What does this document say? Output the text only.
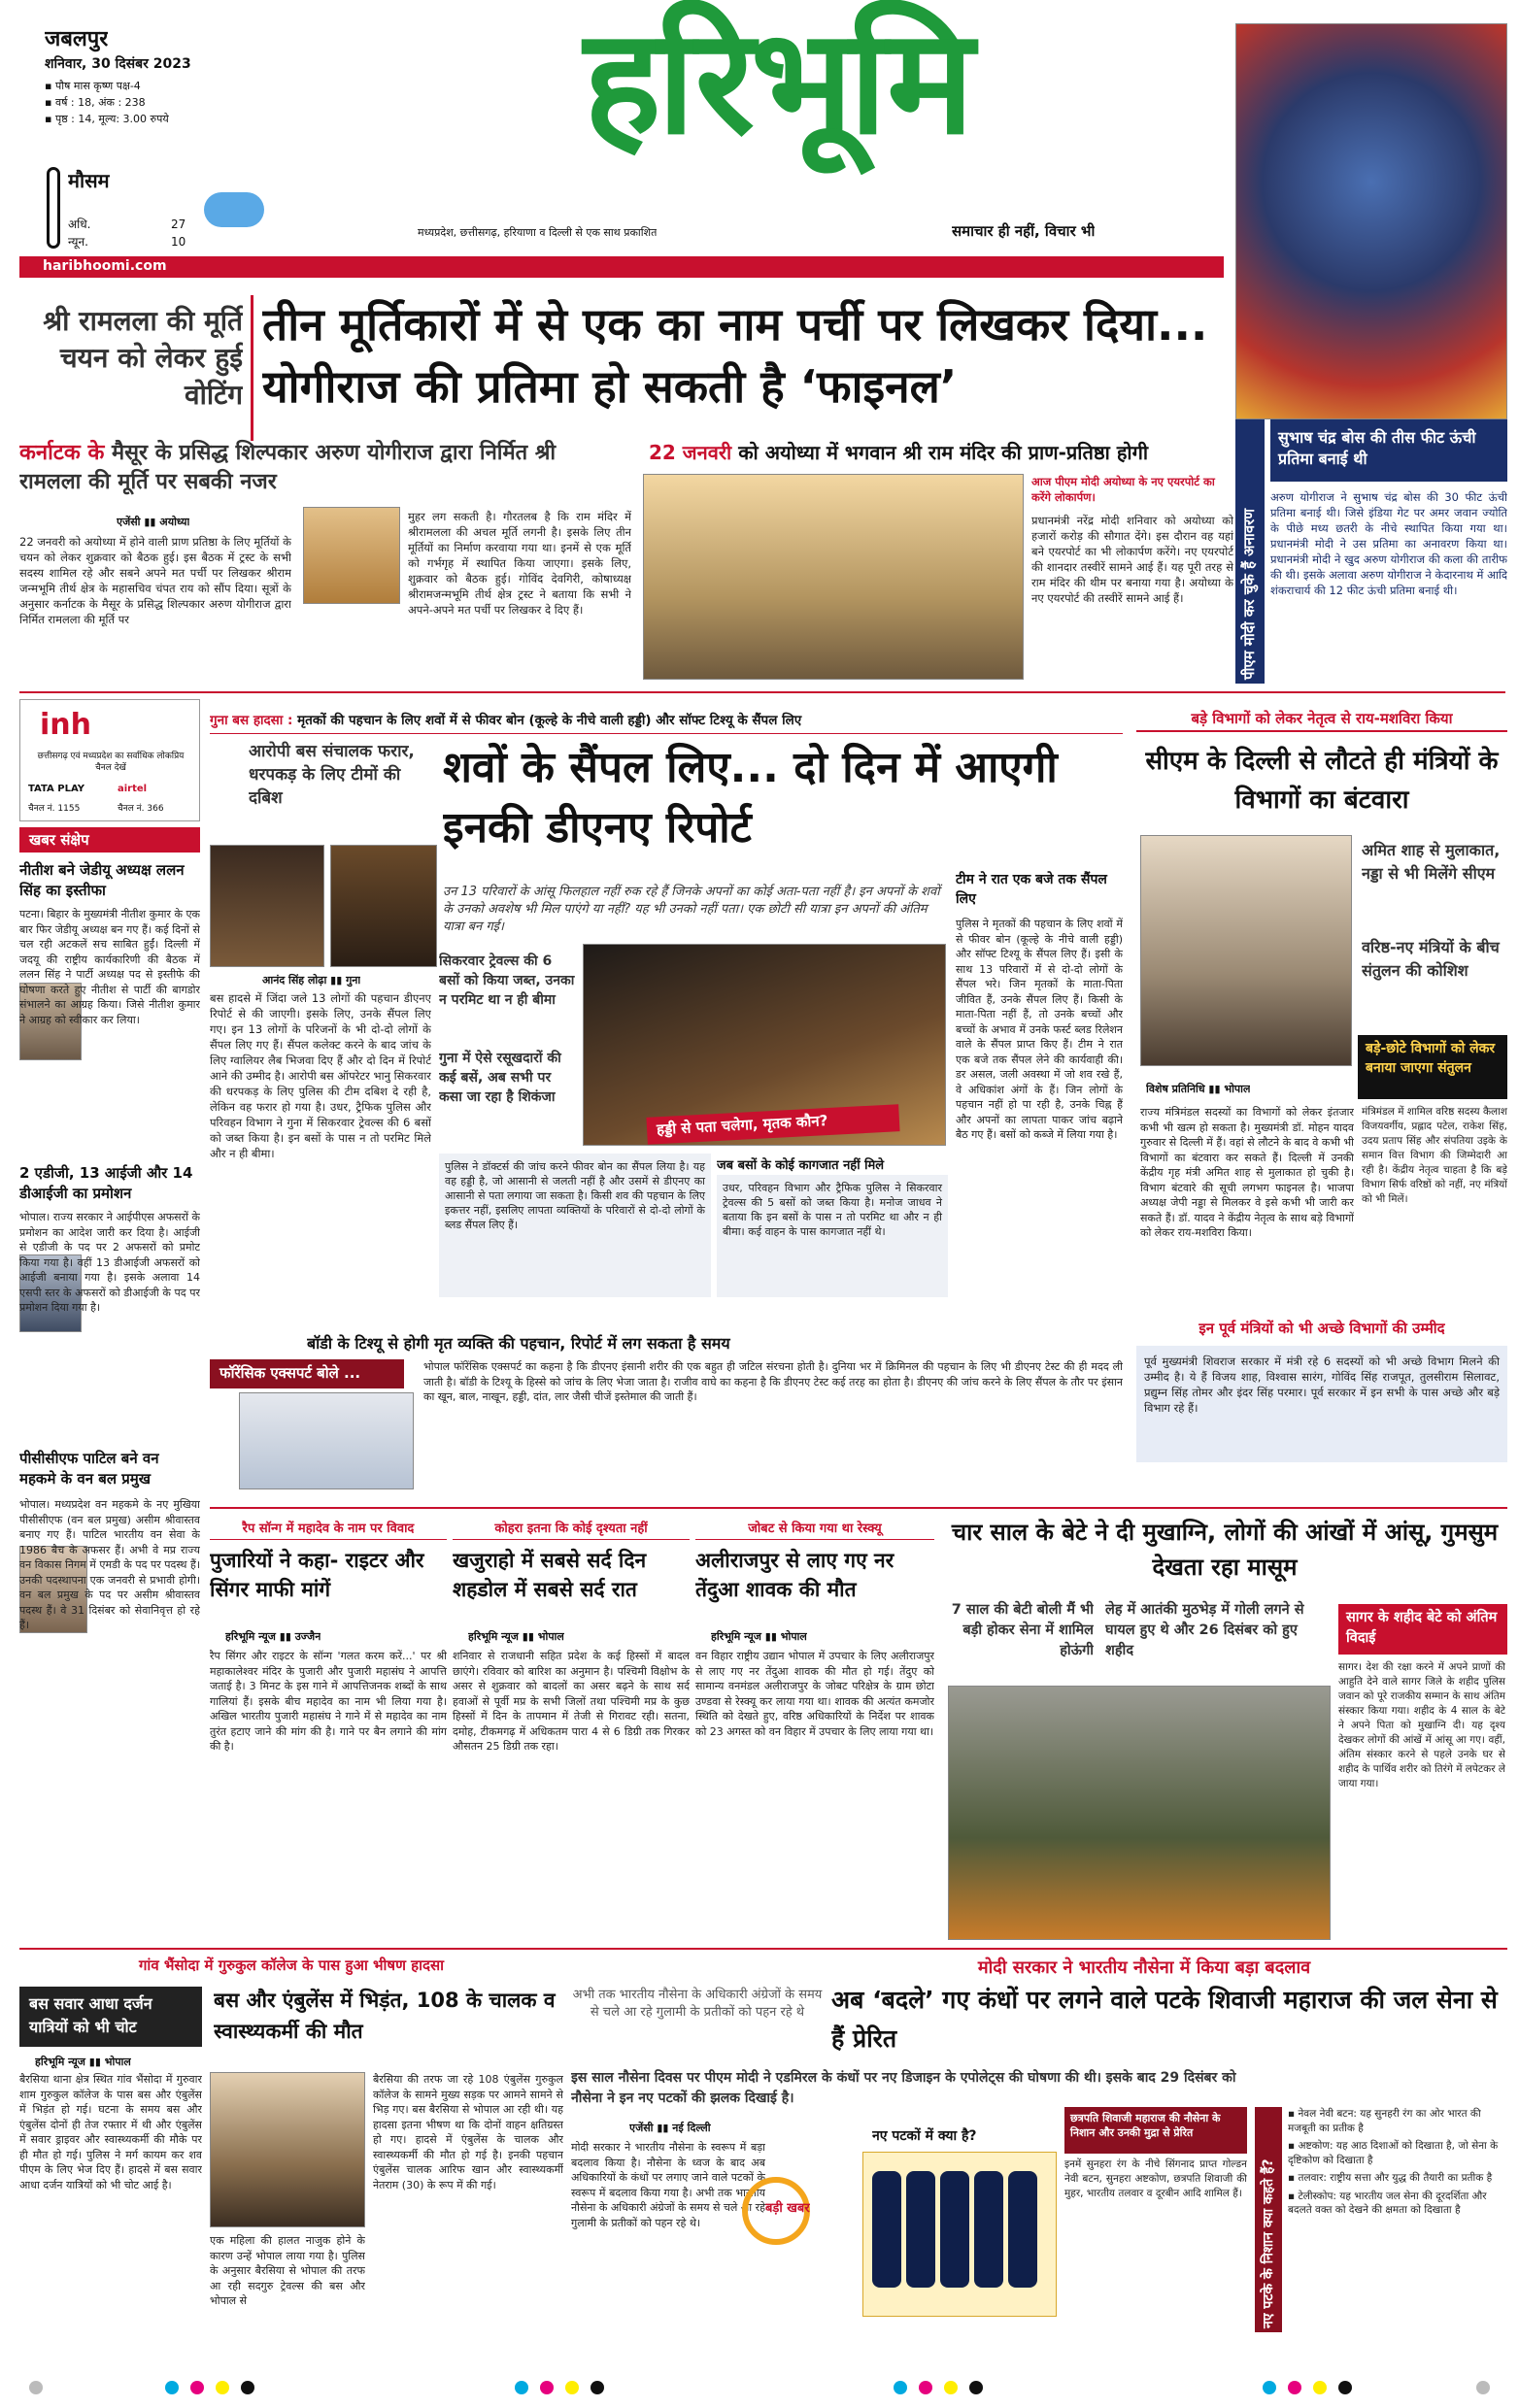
जबलपुर
शनिवार, 30 दिसंबर 2023
▪ पौष मास कृष्ण पक्ष-4
▪ वर्ष : 18, अंक : 238
▪ पृष्ठ : 14, मूल्य: 3.00 रुपये
मौसम
अधि.	27
न्यून.	10
haribhoomi.com
हरिभूमि
मध्यप्रदेश, छत्तीसगढ़, हरियाणा व दिल्ली से एक साथ प्रकाशित	समाचार ही नहीं, विचार भी
श्री रामलला की मूर्ति चयन को लेकर हुई वोटिंग
तीन मूर्तिकारों में से एक का नाम पर्ची पर लिखकर दिया... योगीराज की प्रतिमा हो सकती है ‘फाइनल’
कर्नाटक के मैसूर के प्रसिद्ध शिल्पकार अरुण योगीराज द्वारा निर्मित श्री रामलला की मूर्ति पर सबकी नजर
22 जनवरी को अयोध्या में भगवान श्री राम मंदिर की प्राण-प्रतिष्ठा होगी
एजेंसी ▮▮ अयोध्या
22 जनवरी को अयोध्या में होने वाली प्राण प्रतिष्ठा के लिए मूर्तियों के चयन को लेकर शुक्रवार को बैठक हुई। इस बैठक में ट्रस्ट के सभी सदस्य शामिल रहे और सबने अपने मत पर्ची पर लिखकर श्रीराम जन्मभूमि तीर्थ क्षेत्र के महासचिव चंपत राय को सौंप दिया। सूत्रों के अनुसार कर्नाटक के मैसूर के प्रसिद्ध शिल्पकार अरुण योगीराज द्वारा निर्मित रामलला की मूर्ति पर
मुहर लग सकती है। गौरतलब है कि राम मंदिर में श्रीरामलला की अचल मूर्ति लगनी है। इसके लिए तीन मूर्तियों का निर्माण करवाया गया था। इनमें से एक मूर्ति को गर्भगृह में स्थापित किया जाएगा। इसके लिए, शुक्रवार को बैठक हुई। गोविंद देवगिरी, कोषाध्यक्ष श्रीरामजन्मभूमि तीर्थ क्षेत्र ट्रस्ट ने बताया कि सभी ने अपने-अपने मत पर्ची पर लिखकर दे दिए हैं।
आज पीएम मोदी अयोध्या के नए एयरपोर्ट का करेंगे लोकार्पण।
प्रधानमंत्री नरेंद्र मोदी शनिवार को अयोध्या को हजारों करोड़ की सौगात देंगे। इस दौरान वह यहां बने एयरपोर्ट का भी लोकार्पण करेंगे। नए एयरपोर्ट की शानदार तस्वीरें सामने आई हैं। यह पूरी तरह से राम मंदिर की थीम पर बनाया गया है। अयोध्या के नए एयरपोर्ट की तस्वीरें सामने आई हैं।	पीएम मोदी कर चुके हैं अनावरण
सुभाष चंद्र बोस की तीस फीट ऊंची प्रतिमा बनाई थी
अरुण योगीराज ने सुभाष चंद्र बोस की 30 फीट ऊंची प्रतिमा बनाई थी। जिसे इंडिया गेट पर अमर जवान ज्योति के पीछे मध्य छतरी के नीचे स्थापित किया गया था। प्रधानमंत्री मोदी ने उस प्रतिमा का अनावरण किया था। प्रधानमंत्री मोदी ने खुद अरुण योगीराज की कला की तारीफ की थी। इसके अलावा अरुण योगीराज ने केदारनाथ में आदि शंकराचार्य की 12 फीट ऊंची प्रतिमा बनाई थी।
inh
छत्तीसगढ़ एवं मध्यप्रदेश का सर्वाधिक लोकप्रिय चैनल देखें
TATA PLAY	airtel
चैनल नं. 1155	चैनल नं. 366
खबर संक्षेप
नीतीश बने जेडीयू अध्यक्ष ललन सिंह का इस्तीफा
पटना। बिहार के मुख्यमंत्री नीतीश कुमार के एक बार फिर जेडीयू अध्यक्ष बन गए हैं। कई दिनों से चल रही अटकलें सच साबित हुईं। दिल्ली में जदयू की राष्ट्रीय कार्यकारिणी की बैठक में ललन सिंह ने पार्टी अध्यक्ष पद से इस्तीफे की घोषणा करते हुए नीतीश से पार्टी की बागडोर संभालने का आग्रह किया। जिसे नीतीश कुमार ने आग्रह को स्वीकार कर लिया।
2 एडीजी, 13 आईजी और 14 डीआईजी का प्रमोशन
भोपाल। राज्य सरकार ने आईपीएस अफसरों के प्रमोशन का आदेश जारी कर दिया है। आईजी से एडीजी के पद पर 2 अफसरों को प्रमोट किया गया है। वहीं 13 डीआईजी अफसरों को आईजी बनाया गया है। इसके अलावा 14 एसपी स्तर के अफसरों को डीआईजी के पद पर प्रमोशन दिया गया है।
पीसीसीएफ पाटिल बने वन महकमे के वन बल प्रमुख
भोपाल। मध्यप्रदेश वन महकमे के नए मुखिया पीसीसीएफ (वन बल प्रमुख) असीम श्रीवास्तव बनाए गए हैं। पाटिल भारतीय वन सेवा के 1986 बैच के अफसर हैं। अभी वे मप्र राज्य वन विकास निगम में एमडी के पद पर पदस्थ हैं। उनकी पदस्थापना एक जनवरी से प्रभावी होगी। वन बल प्रमुख के पद पर असीम श्रीवास्तव पदस्थ हैं। वे 31 दिसंबर को सेवानिवृत्त हो रहे हैं।
गुना बस हादसा : मृतकों की पहचान के लिए शवों में से फीवर बोन (कूल्हे के नीचे वाली हड्डी) और सॉफ्ट टिश्यू के सैंपल लिए
आरोपी बस संचालक फरार, धरपकड़ के लिए टीमों की दबिश
शवों के सैंपल लिए... दो दिन में आएगी इनकी डीएनए रिपोर्ट
उन 13 परिवारों के आंसू फिलहाल नहीं रुक रहे हैं जिनके अपनों का कोई अता-पता नहीं है। इन अपनों के शवों के उनको अवशेष भी मिल पाएंगे या नहीं? यह भी उनको नहीं पता। एक छोटी सी यात्रा इन अपनों की अंतिम यात्रा बन गई।
आनंद सिंह लोढ़ा ▮▮ गुना
बस हादसे में जिंदा जले 13 लोगों की पहचान डीएनए रिपोर्ट से की जाएगी। इसके लिए, उनके सैंपल लिए गए। इन 13 लोगों के परिजनों के भी दो-दो लोगों के सैंपल लिए गए हैं। सैंपल कलेक्ट करने के बाद जांच के लिए ग्वालियर लैब भिजवा दिए हैं और दो दिन में रिपोर्ट आने की उम्मीद है। आरोपी बस ऑपरेटर भानु सिकरवार की धरपकड़ के लिए पुलिस की टीम दबिश दे रही है, लेकिन वह फरार हो गया है। उधर, ट्रैफिक पुलिस और परिवहन विभाग ने गुना में सिकरवार ट्रेवल्स की 6 बसों को जब्त किया है। इन बसों के पास न तो परमिट मिले और न ही बीमा।
सिकरवार ट्रेवल्स की 6 बसों को किया जब्त, उनका न परमिट था न ही बीमा
गुना में ऐसे रसूखदारों की कई बसें, अब सभी पर कसा जा रहा है शिकंजा
हड्डी से पता चलेगा, मृतक कौन?
पुलिस ने डॉक्टर्स की जांच करने फीवर बोन का सैंपल लिया है। यह वह हड्डी है, जो आसानी से जलती नहीं है और उसमें से डीएनए का आसानी से पता लगाया जा सकता है। किसी शव की पहचान के लिए इकत्तर नहीं, इसलिए लापता व्यक्तियों के परिवारों से दो-दो लोगों के ब्लड सैंपल लिए हैं।
जब बसों के कोई कागजात नहीं मिले
उधर, परिवहन विभाग और ट्रैफिक पुलिस ने सिकरवार ट्रेवल्स की 5 बसों को जब्त किया है। मनोज जाधव ने बताया कि इन बसों के पास न तो परमिट था और न ही बीमा। कई वाहन के पास कागजात नहीं थे।
टीम ने रात एक बजे तक सैंपल लिए
पुलिस ने मृतकों की पहचान के लिए शवों में से फीवर बोन (कूल्हे के नीचे वाली हड्डी) और सॉफ्ट टिश्यू के सैंपल लिए हैं। इसी के साथ 13 परिवारों में से दो-दो लोगों के सैंपल भरे। जिन मृतकों के माता-पिता जीवित हैं, उनके सैंपल लिए हैं। किसी के माता-पिता नहीं हैं, तो उनके बच्चों और बच्चों के अभाव में उनके फर्स्ट ब्लड रिलेशन वाले के सैंपल प्राप्त किए हैं। टीम ने रात एक बजे तक सैंपल लेने की कार्यवाही की। डर असल, जली अवस्था में जो शव रखे हैं, वे अधिकांश अंगों के हैं। जिन लोगों के पहचान नहीं हो पा रही है, उनके चिह्न हैं और अपनों का लापता पाकर जांच बढ़ाने बैठ गए हैं। बसों को कब्जे में लिया गया है।
बॉडी के टिश्यू से होगी मृत व्यक्ति की पहचान, रिपोर्ट में लग सकता है समय
फॉरेंसिक एक्सपर्ट बोले ...	भोपाल फॉरेंसिक एक्सपर्ट का कहना है कि डीएनए इंसानी शरीर की एक बहुत ही जटिल संरचना होती है। दुनिया भर में क्रिमिनल की पहचान के लिए भी डीएनए टेस्ट की ही मदद ली जाती है। बॉडी के टिश्यू के हिस्से को जांच के लिए भेजा जाता है। राजीव वाघे का कहना है कि डीएनए टेस्ट कई तरह का होता है। डीएनए की जांच करने के लिए सैंपल के तौर पर इंसान का खून, बाल, नाखून, हड्डी, दांत, लार जैसी चीजें इस्तेमाल की जाती हैं।
बड़े विभागों को लेकर नेतृत्व से राय-मशविरा किया
सीएम के दिल्ली से लौटते ही मंत्रियों के विभागों का बंटवारा
अमित शाह से मुलाकात, नड्डा से भी मिलेंगे सीएम
वरिष्ठ-नए मंत्रियों के बीच संतुलन की कोशिश
बड़े-छोटे विभागों को लेकर बनाया जाएगा संतुलन
विशेष प्रतिनिधि ▮▮ भोपाल
मंत्रिमंडल में शामिल वरिष्ठ सदस्य कैलाश विजयवर्गीय, प्रह्लाद पटेल, राकेश सिंह, उदय प्रताप सिंह और संपतिया उइके के समान वित्त विभाग की जिम्मेदारी आ रही है। केंद्रीय नेतृत्व चाहता है कि बड़े विभाग सिर्फ वरिष्ठों को नहीं, नए मंत्रियों को भी मिलें।
राज्य मंत्रिमंडल सदस्यों का विभागों को लेकर इंतजार कभी भी खत्म हो सकता है। मुख्यमंत्री डॉ. मोहन यादव गुरुवार से दिल्ली में हैं। वहां से लौटने के बाद वे कभी भी विभागों का बंटवारा कर सकते हैं। दिल्ली में उनकी केंद्रीय गृह मंत्री अमित शाह से मुलाकात हो चुकी है। विभाग बंटवारे की सूची लगभग फाइनल है। भाजपा अध्यक्ष जेपी नड्डा से मिलकर वे इसे कभी भी जारी कर सकते हैं। डॉ. यादव ने केंद्रीय नेतृत्व के साथ बड़े विभागों को लेकर राय-मशविरा किया।
इन पूर्व मंत्रियों को भी अच्छे विभागों की उम्मीद
पूर्व मुख्यमंत्री शिवराज सरकार में मंत्री रहे 6 सदस्यों को भी अच्छे विभाग मिलने की उम्मीद है। ये हैं विजय शाह, विश्वास सारंग, गोविंद सिंह राजपूत, तुलसीराम सिलावट, प्रद्युम्न सिंह तोमर और इंदर सिंह परमार। पूर्व सरकार में इन सभी के पास अच्छे और बड़े विभाग रहे हैं।
रैप सॉन्ग में महादेव के नाम पर विवाद
पुजारियों ने कहा- राइटर और सिंगर माफी मांगें
हरिभूमि न्यूज ▮▮ उज्जैन
रैप सिंगर और राइटर के सॉन्ग 'गलत करम करें...' पर श्री महाकालेश्वर मंदिर के पुजारी और पुजारी महासंघ ने आपत्ति जताई है। 3 मिनट के इस गाने में आपत्तिजनक शब्दों के साथ गालियां हैं। इसके बीच महादेव का नाम भी लिया गया है। अखिल भारतीय पुजारी महासंघ ने गाने में से महादेव का नाम तुरंत हटाए जाने की मांग की है। गाने पर बैन लगाने की मांग की है।
कोहरा इतना कि कोई दृश्यता नहीं
खजुराहो में सबसे सर्द दिन शहडोल में सबसे सर्द रात
हरिभूमि न्यूज ▮▮ भोपाल
शनिवार से राजधानी सहित प्रदेश के कई हिस्सों में बादल छाएंगे। रविवार को बारिश का अनुमान है। पश्चिमी विक्षोभ के असर से शुक्रवार को बादलों का असर बढ़ने के साथ सर्द हवाओं से पूर्वी मप्र के सभी जिलों तथा पश्चिमी मप्र के कुछ हिस्सों में दिन के तापमान में तेजी से गिरावट रही। सतना, दमोह, टीकमगढ़ में अधिकतम पारा 4 से 6 डिग्री तक गिरकर औसतन 25 डिग्री तक रहा।
जोबट से किया गया था रेस्क्यू
अलीराजपुर से लाए गए नर तेंदुआ शावक की मौत
हरिभूमि न्यूज ▮▮ भोपाल
वन विहार राष्ट्रीय उद्यान भोपाल में उपचार के लिए अलीराजपुर से लाए गए नर तेंदुआ शावक की मौत हो गई। तेंदुए को सामान्य वनमंडल अलीराजपुर के जोबट परिक्षेत्र के ग्राम छोटा उण्डवा से रेस्क्यू कर लाया गया था। शावक की अत्यंत कमजोर स्थिति को देखते हुए, वरिष्ठ अधिकारियों के निर्देश पर शावक को 23 अगस्त को वन विहार में उपचार के लिए लाया गया था।
चार साल के बेटे ने दी मुखाग्नि, लोगों की आंखों में आंसू, गुमसुम देखता रहा मासूम
7 साल की बेटी बोली मैं भी बड़ी होकर सेना में शामिल होऊंगी
लेह में आतंकी मुठभेड़ में गोली लगने से घायल हुए थे और 26 दिसंबर को हुए शहीद
सागर के शहीद बेटे को अंतिम विदाई
सागर। देश की रक्षा करने में अपने प्राणों की आहुति देने वाले सागर जिले के शहीद पुलिस जवान को पूरे राजकीय सम्मान के साथ अंतिम संस्कार किया गया। शहीद के 4 साल के बेटे ने अपने पिता को मुखाग्नि दी। यह दृश्य देखकर लोगों की आंखें में आंसू आ गए। वहीं, अंतिम संस्कार करने से पहले उनके घर से शहीद के पार्थिव शरीर को तिरंगे में लपेटकर ले जाया गया।
गांव भैंसोदा में गुरुकुल कॉलेज के पास हुआ भीषण हादसा
बस सवार आधा दर्जन यात्रियों को भी चोट
बस और एंबुलेंस में भिड़ंत, 108 के चालक व स्वास्थ्यकर्मी की मौत
हरिभूमि न्यूज ▮▮ भोपाल
बैरसिया थाना क्षेत्र स्थित गांव भैंसोदा में गुरुवार शाम गुरुकुल कॉलेज के पास बस और एंबुलेंस में भिड़ंत हो गई। घटना के समय बस और एंबुलेंस दोनों ही तेज रफ्तार में थी और एंबुलेंस में सवार ड्राइवर और स्वास्थ्यकर्मी की मौके पर ही मौत हो गई। पुलिस ने मर्ग कायम कर शव पीएम के लिए भेज दिए हैं। हादसे में बस सवार आधा दर्जन यात्रियों को भी चोट आई है।
एक महिला की हालत नाजुक होने के कारण उन्हें भोपाल लाया गया है। पुलिस के अनुसार बैरसिया से भोपाल की तरफ आ रही सदगुरु ट्रेवल्स की बस और भोपाल से
बैरसिया की तरफ जा रहे 108 एंबुलेंस गुरुकुल कॉलेज के सामने मुख्य सड़क पर आमने सामने से भिड़ गए। बस बैरसिया से भोपाल आ रही थी। यह हादसा इतना भीषण था कि दोनों वाहन क्षतिग्रस्त हो गए। हादसे में एंबुलेंस के चालक और स्वास्थ्यकर्मी की मौत हो गई है। इनकी पहचान एंबुलेंस चालक आरिफ खान और स्वास्थ्यकर्मी नेतराम (30) के रूप में की गई।
मोदी सरकार ने भारतीय नौसेना में किया बड़ा बदलाव
अभी तक भारतीय नौसेना के अधिकारी अंग्रेजों के समय से चले आ रहे गुलामी के प्रतीकों को पहन रहे थे	अब ‘बदले’ गए कंधों पर लगने वाले पटके शिवाजी महाराज की जल सेना से हैं प्रेरित
इस साल नौसेना दिवस पर पीएम मोदी ने एडमिरल के कंधों पर नए डिजाइन के एपोलेट्स की घोषणा की थी। इसके बाद 29 दिसंबर को नौसेना ने इन नए पटकों की झलक दिखाई है।
एजेंसी ▮▮ नई दिल्ली
मोदी सरकार ने भारतीय नौसेना के स्वरूप में बड़ा बदलाव किया है। नौसेना के ध्वज के बाद अब अधिकारियों के कंधों पर लगाए जाने वाले पटकों के स्वरूप में बदलाव किया गया है। अभी तक भारतीय नौसेना के अधिकारी अंग्रेजों के समय से चले आ रहे गुलामी के प्रतीकों को पहन रहे थे।
बड़ी खबर
नए पटकों में क्या है?
छत्रपति शिवाजी महाराज की नौसेना के निशान और उनकी मुद्रा से प्रेरित
इनमें सुनहरा रंग के नीचे सिंगनाद प्राप्त गोल्डन नेवी बटन, सुनहरा अष्टकोण, छत्रपति शिवाजी की मुहर, भारतीय तलवार व दूरबीन आदि शामिल हैं।	नए पटके के निशान क्या कहते हैं?
▪ नेवल नेवी बटन: यह सुनहरी रंग का ओर भारत की मजबूती का प्रतीक है
▪ अष्टकोण: यह आठ दिशाओं को दिखाता है, जो सेना के दृष्टिकोण को दिखाता है
▪ तलवार: राष्ट्रीय सत्ता और युद्ध की तैयारी का प्रतीक है
▪ टेलीस्कोप: यह भारतीय जल सेना की दूरदर्शिता और बदलते वक्त को देखने की क्षमता को दिखाता है
